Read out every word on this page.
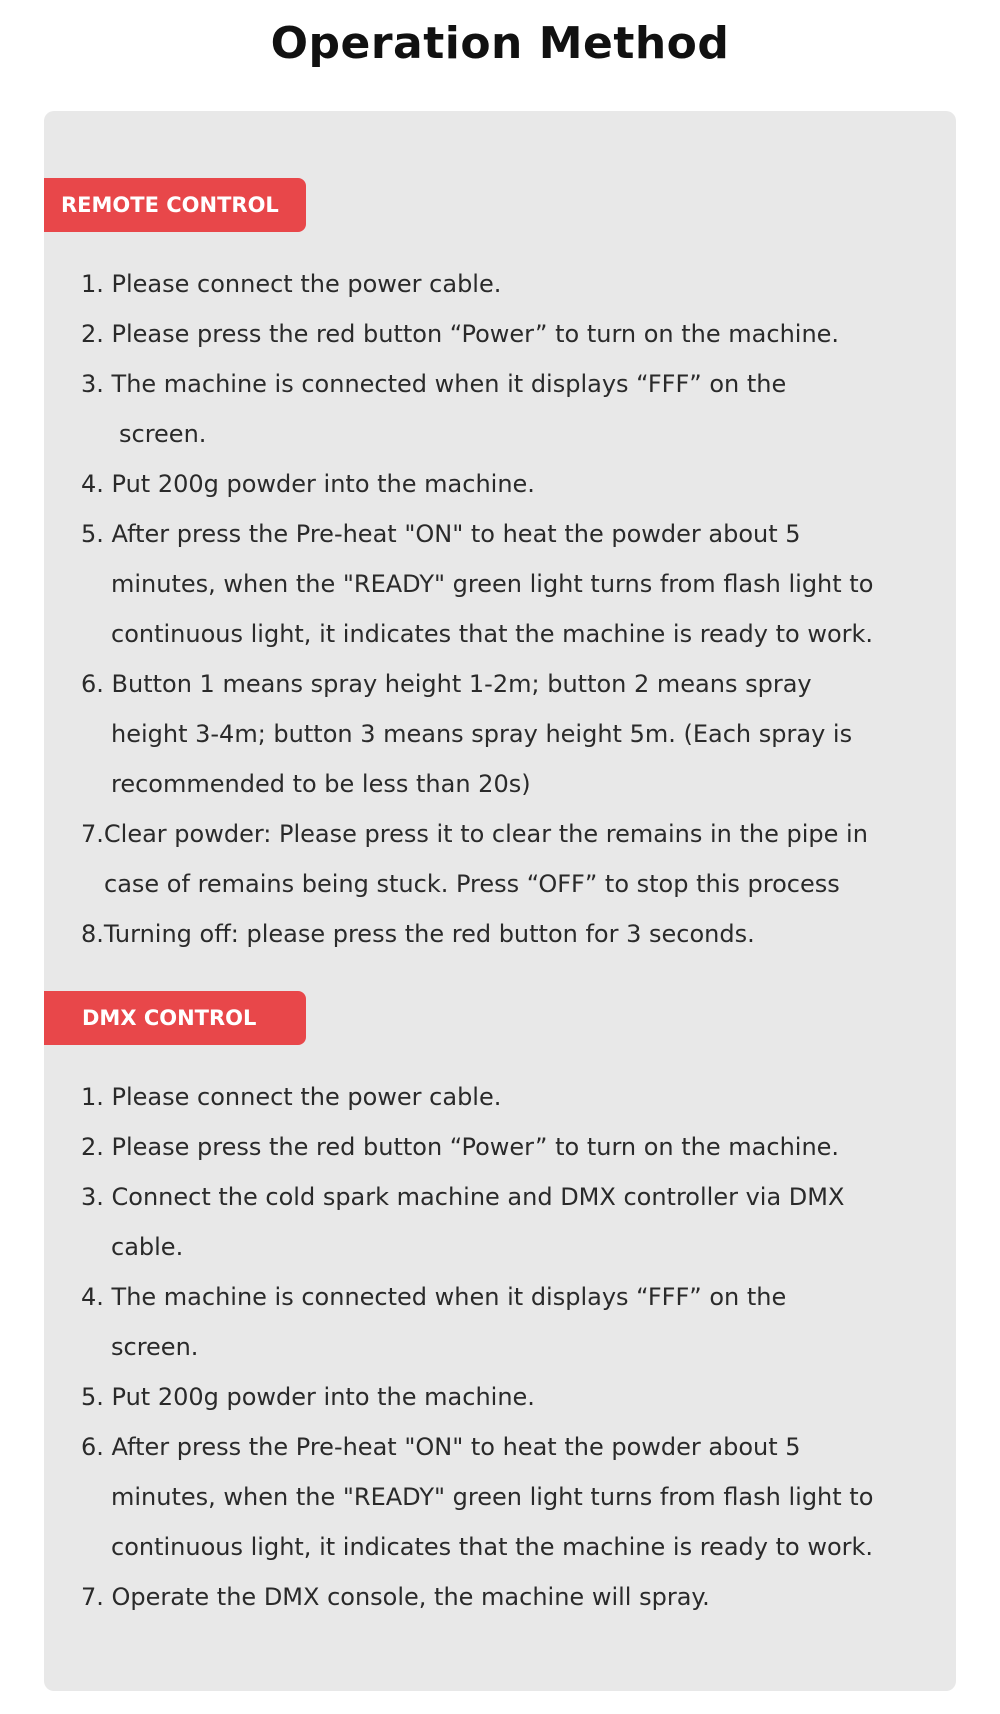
Operation Method
REMOTE CONTROL
1. Please connect the power cable.
2. Please press the red button “Power” to turn on the machine.
3. The machine is connected when it displays “FFF” on the
screen.
4. Put 200g powder into the machine.
5. After press the Pre-heat "ON" to heat the powder about 5
minutes, when the "READY" green light turns from flash light to
continuous light, it indicates that the machine is ready to work.
6. Button 1 means spray height 1-2m; button 2 means spray
height 3-4m; button 3 means spray height 5m. (Each spray is
recommended to be less than 20s)
7.Clear powder: Please press it to clear the remains in the pipe in
case of remains being stuck. Press “OFF” to stop this process
8.Turning off: please press the red button for 3 seconds.
DMX CONTROL
1. Please connect the power cable.
2. Please press the red button “Power” to turn on the machine.
3. Connect the cold spark machine and DMX controller via DMX
cable.
4. The machine is connected when it displays “FFF” on the
screen.
5. Put 200g powder into the machine.
6. After press the Pre-heat "ON" to heat the powder about 5
minutes, when the "READY" green light turns from flash light to
continuous light, it indicates that the machine is ready to work.
7. Operate the DMX console, the machine will spray.
